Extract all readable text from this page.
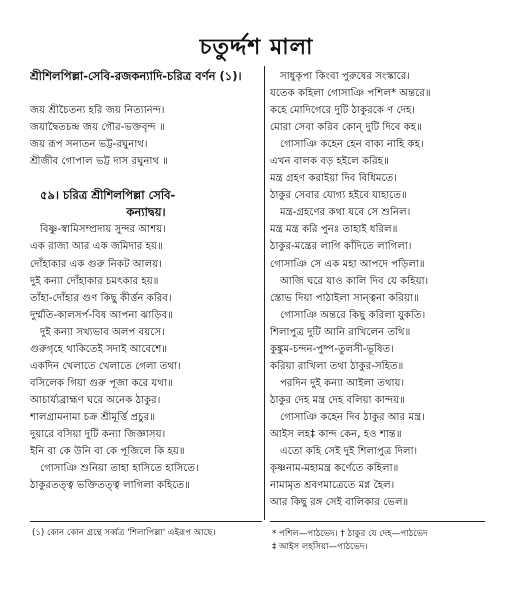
চতুর্দ্দশ মালা
শ্রীশিলপিল্লা-সেবি-রজকন্যাদি-চরিত্র বর্ণন (১)।
জয় শ্রীচৈতন্য হরি জয় নিত্যানন্দ।
জয়াদ্বৈতচন্দ্র জয় গৌর-ভক্তবৃন্দ ॥
জয় রূপ সনাতন ভট্ট-রঘুনাথ।
শ্রীজীব গোপাল ভট্ট দাস রঘুনাথ ॥
৫৯। চরিত্র শ্রীশিলপিল্লা সেবি-
কন্যাদ্বয়।
বিষ্ণু-স্বামিসম্প্রদায় সুন্দর আশয়।
এক রাজা আর এক জমিদার হয়॥
দোঁহাকার এক গুরু নিকট আলয়।
দুই কন্যা দোঁহাকার চমৎকার হয়॥
তাঁহা-দোঁহার গুণ কিছু কীর্ত্তন করিব।
দুর্ম্মতি-কালসর্প-বিষ আপনা ঝাড়িব॥
দুই কন্যা সখ্যভাব অলপ বয়সে।
গুরুগৃহে থাকিতেই সদাই আবেশে॥
একদিন খেলাতে খেলাতে গেলা তথা।
বসিলেক গিয়া গুরু পূজা করে যথা॥
আচার্য্যব্রাহ্মণ ঘরে অনেক ঠাকুর।
শালগ্রামনামা চক্র শ্রীমূর্ত্তি প্রচুর॥
দুয়ারে বসিয়া দুটি কন্যা জিজ্ঞাসয়।
ইনি বা কে উনি বা কে পূজিলে কি হয়॥
গোসাঞি শুনিয়া তাহা হাসিতে হাসিতে।
ঠাকুরতত্ত্ব ভক্তিতত্ত্ব লাগিলা কহিতে॥
সাধুকৃপা কিংবা পুরুষের সংস্কারে।
যতেক কহিলা গোসাঞি পশিল* অন্তরে॥
কহে মোদিগেরে দুটি ঠাকুরকে ণ দেহ।
মোরা সেবা করিব কোন্ দুটি দিবে কহ॥
গোসাঞি কহেন হেন বাক্য নাহি কহ।
এখন বালক বড় হইলে করিহ॥
মন্ত্র গ্রহণ করাইয়া দিব বিধিমতে।
ঠাকুর সেবার যোগ্য হইবে যাহাতে॥
মন্ত্র-গ্রহণের কথা যবে সে শুনিল।
মন্ত্র মন্ত্র করি পুনঃ তাহাই ধরিল॥
ঠাকুর-মন্ত্রের লাগি কাঁদিতে লাগিলা।
গোসাঞি সে এক মহা আপদে পড়িলা॥
আজি ঘরে যাও কালি দিব যে কহিয়া।
স্তোভ দিয়া পাঠাইলা সান্ত্বনা করিয়া॥
গোসাঞি অন্তরে কিছু করিলা যুকতি।
শিলাপুত্র দুটি আনি রাখিলেন তথি॥
কুঙ্কুম-চন্দন-পুষ্প-তুলসী-ভূষিত।
করিয়া রাখিলা তথা ঠাকুর-সহিত॥
পরদিন দুই কন্যা আইলা তথায়।
ঠাকুর দেহ মন্ত্র দেহ বলিয়া কান্দয়॥
গোসাঞি কহেন দিব ঠাকুর আর মন্ত্র।
আইস লহ‡ কান্দ কেন, হও শান্ত॥
এতো কহি সেই দুই শিলাপুত্র দিলা।
কৃষ্ণনাম-মহামন্ত্র কর্ণেতে কহিলা॥
নামামৃত শ্রবণমাত্রেতে মগ্ন হৈল।
আর কিছু রঙ্গ সেই বালিকার ভেল॥
(১) কোন কোন গ্রন্থে সর্ব্বত্র 'শিলাপিল্লা' এইরূপ আছে।	* পশিল—পাঠভেদ। † ঠাকুর যে দেহ—পাঠভেদ
‡ আইস লহসিয়া—পাঠভেদ।
